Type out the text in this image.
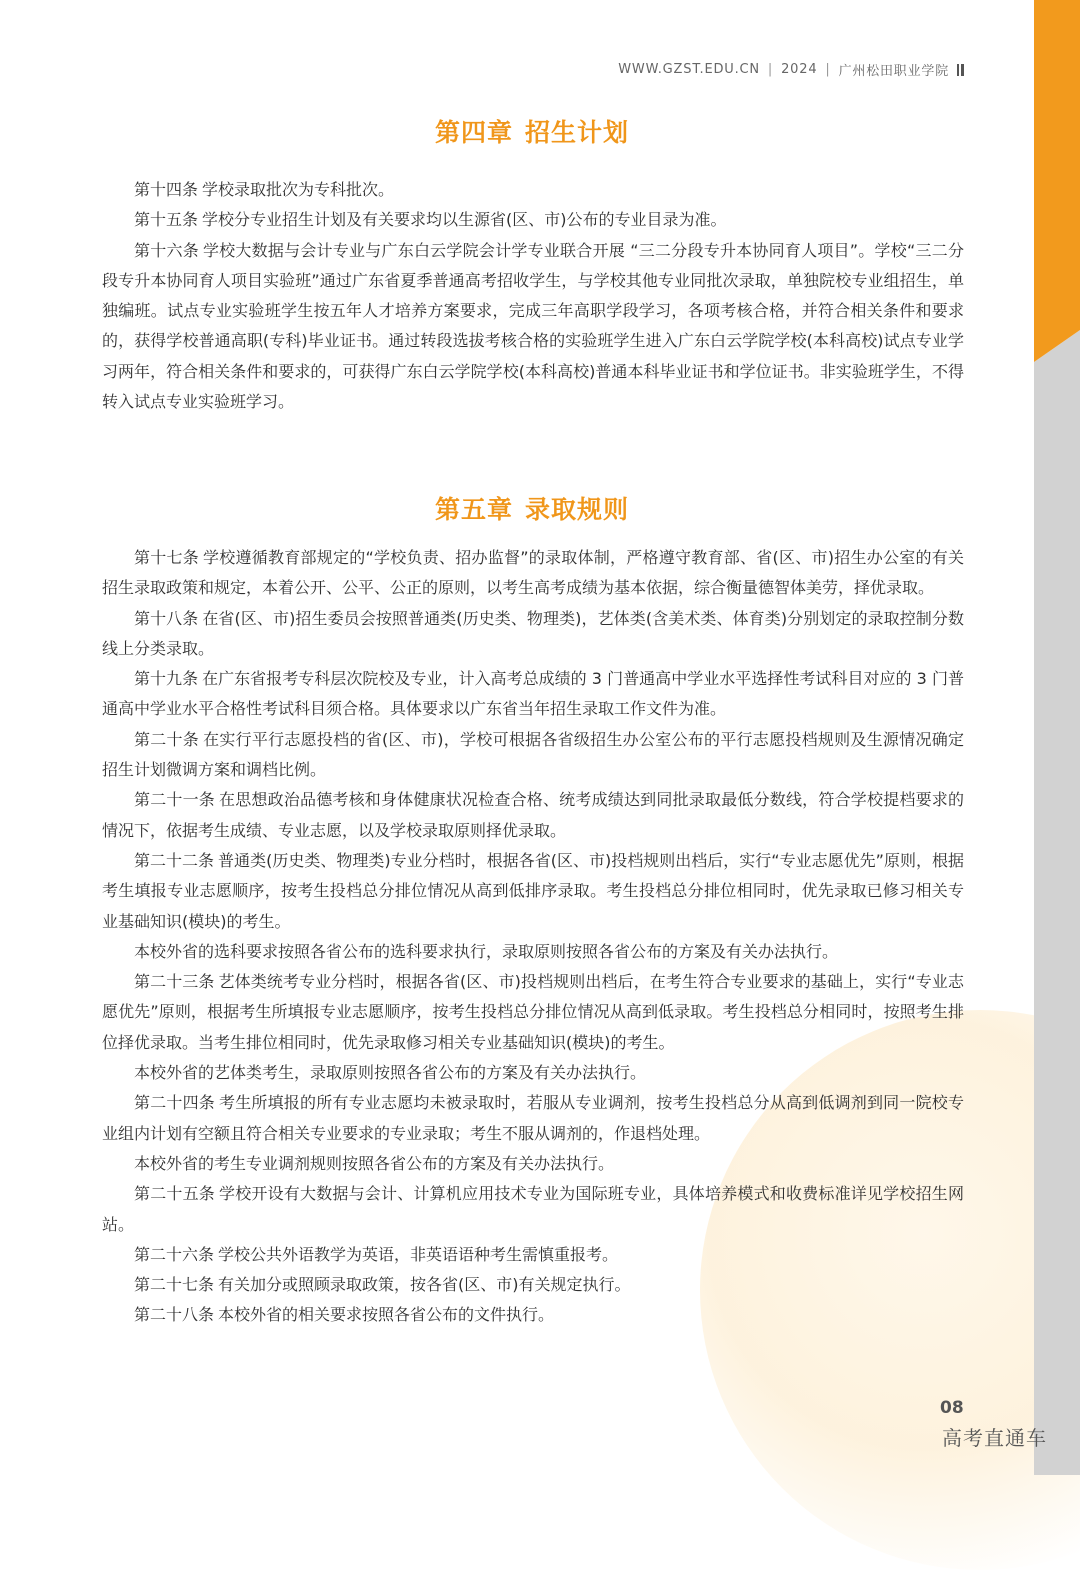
WWW.GZST.EDU.CN | 2024 | 广州松田职业学院
第四章 招生计划

第十四条 学校录取批次为专科批次。

第十五条 学校分专业招生计划及有关要求均以生源省(区、市)公布的专业目录为准。

第十六条 学校大数据与会计专业与广东白云学院会计学专业联合开展 “三二分段专升本协同育人项目”。学校“三二分段专升本协同育人项目实验班”通过广东省夏季普通高考招收学生，与学校其他专业同批次录取，单独院校专业组招生，单独编班。试点专业实验班学生按五年人才培养方案要求，完成三年高职学段学习，各项考核合格，并符合相关条件和要求的，获得学校普通高职(专科)毕业证书。通过转段选拔考核合格的实验班学生进入广东白云学院学校(本科高校)试点专业学习两年，符合相关条件和要求的，可获得广东白云学院学校(本科高校)普通本科毕业证书和学位证书。非实验班学生，不得转入试点专业实验班学习。

第五章 录取规则

第十七条 学校遵循教育部规定的“学校负责、招办监督”的录取体制，严格遵守教育部、省(区、市)招生办公室的有关招生录取政策和规定，本着公开、公平、公正的原则，以考生高考成绩为基本依据，综合衡量德智体美劳，择优录取。

第十八条 在省(区、市)招生委员会按照普通类(历史类、物理类)，艺体类(含美术类、体育类)分别划定的录取控制分数线上分类录取。

第十九条 在广东省报考专科层次院校及专业，计入高考总成绩的 3 门普通高中学业水平选择性考试科目对应的 3 门普通高中学业水平合格性考试科目须合格。具体要求以广东省当年招生录取工作文件为准。

第二十条 在实行平行志愿投档的省(区、市)，学校可根据各省级招生办公室公布的平行志愿投档规则及生源情况确定招生计划微调方案和调档比例。

第二十一条 在思想政治品德考核和身体健康状况检查合格、统考成绩达到同批录取最低分数线，符合学校提档要求的情况下，依据考生成绩、专业志愿，以及学校录取原则择优录取。

第二十二条 普通类(历史类、物理类)专业分档时，根据各省(区、市)投档规则出档后，实行“专业志愿优先”原则，根据考生填报专业志愿顺序，按考生投档总分排位情况从高到低排序录取。考生投档总分排位相同时，优先录取已修习相关专业基础知识(模块)的考生。

本校外省的选科要求按照各省公布的选科要求执行，录取原则按照各省公布的方案及有关办法执行。

第二十三条 艺体类统考专业分档时，根据各省(区、市)投档规则出档后，在考生符合专业要求的基础上，实行“专业志愿优先”原则，根据考生所填报专业志愿顺序，按考生投档总分排位情况从高到低录取。考生投档总分相同时，按照考生排位择优录取。当考生排位相同时，优先录取修习相关专业基础知识(模块)的考生。

本校外省的艺体类考生，录取原则按照各省公布的方案及有关办法执行。

第二十四条 考生所填报的所有专业志愿均未被录取时，若服从专业调剂，按考生投档总分从高到低调剂到同一院校专业组内计划有空额且符合相关专业要求的专业录取；考生不服从调剂的，作退档处理。

本校外省的考生专业调剂规则按照各省公布的方案及有关办法执行。

第二十五条 学校开设有大数据与会计、计算机应用技术专业为国际班专业，具体培养模式和收费标准详见学校招生网站。

第二十六条 学校公共外语教学为英语，非英语语种考生需慎重报考。

第二十七条 有关加分或照顾录取政策，按各省(区、市)有关规定执行。

第二十八条 本校外省的相关要求按照各省公布的文件执行。

08
高考直通车
